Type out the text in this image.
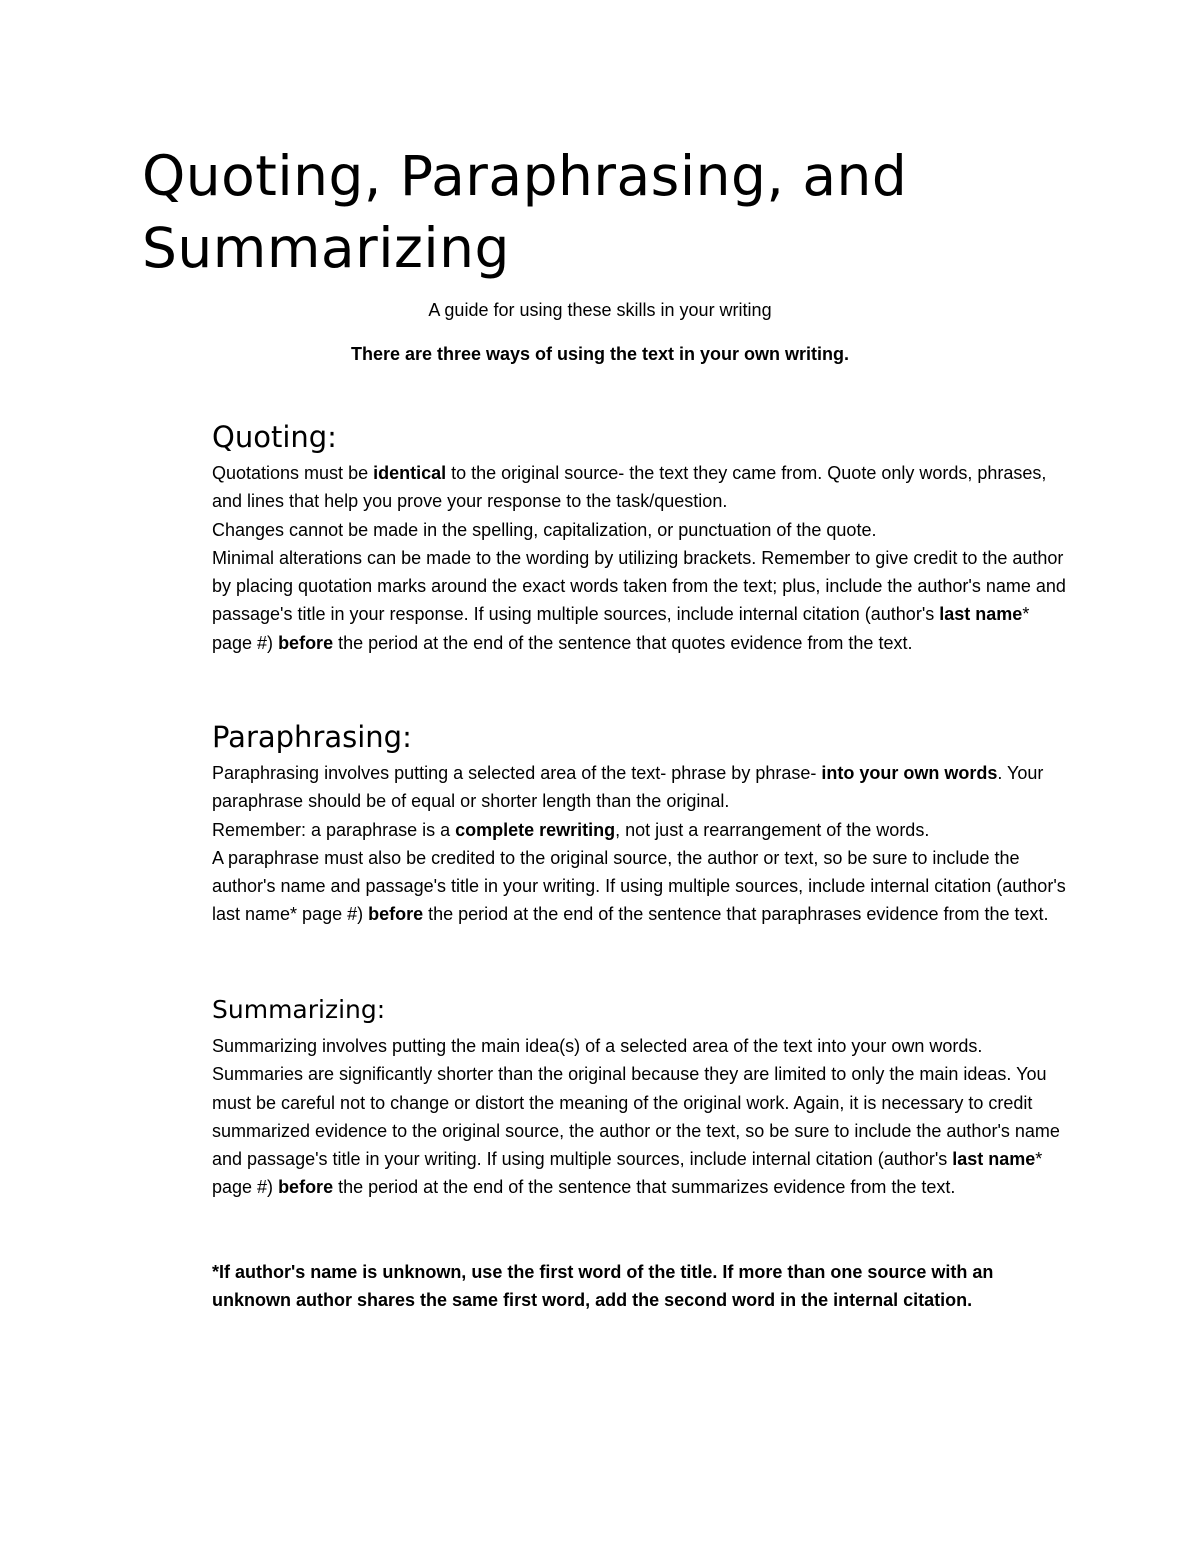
Quoting, Paraphrasing, and
Summarizing

A guide for using these skills in your writing

There are three ways of using the text in your own writing.

Quoting:

Quotations must be identical to the original source- the text they came from. Quote only words, phrases, and lines that help you prove your response to the task/question.

Changes cannot be made in the spelling, capitalization, or punctuation of the quote.

Minimal alterations can be made to the wording by utilizing brackets. Remember to give credit to the author by placing quotation marks around the exact words taken from the text; plus, include the author's name and passage's title in your response. If using multiple sources, include internal citation (author's last name* page #) before the period at the end of the sentence that quotes evidence from the text.

Paraphrasing:

Paraphrasing involves putting a selected area of the text- phrase by phrase- into your own words. Your paraphrase should be of equal or shorter length than the original.

Remember: a paraphrase is a complete rewriting, not just a rearrangement of the words.

A paraphrase must also be credited to the original source, the author or text, so be sure to include the author's name and passage's title in your writing. If using multiple sources, include internal citation (author's last name* page #) before the period at the end of the sentence that paraphrases evidence from the text.

Summarizing:

Summarizing involves putting the main idea(s) of a selected area of the text into your own words. Summaries are significantly shorter than the original because they are limited to only the main ideas. You must be careful not to change or distort the meaning of the original work. Again, it is necessary to credit summarized evidence to the original source, the author or the text, so be sure to include the author's name and passage's title in your writing. If using multiple sources, include internal citation (author's last name* page #) before the period at the end of the sentence that summarizes evidence from the text.

*If author's name is unknown, use the first word of the title. If more than one source with an unknown author shares the same first word, add the second word in the internal citation.
